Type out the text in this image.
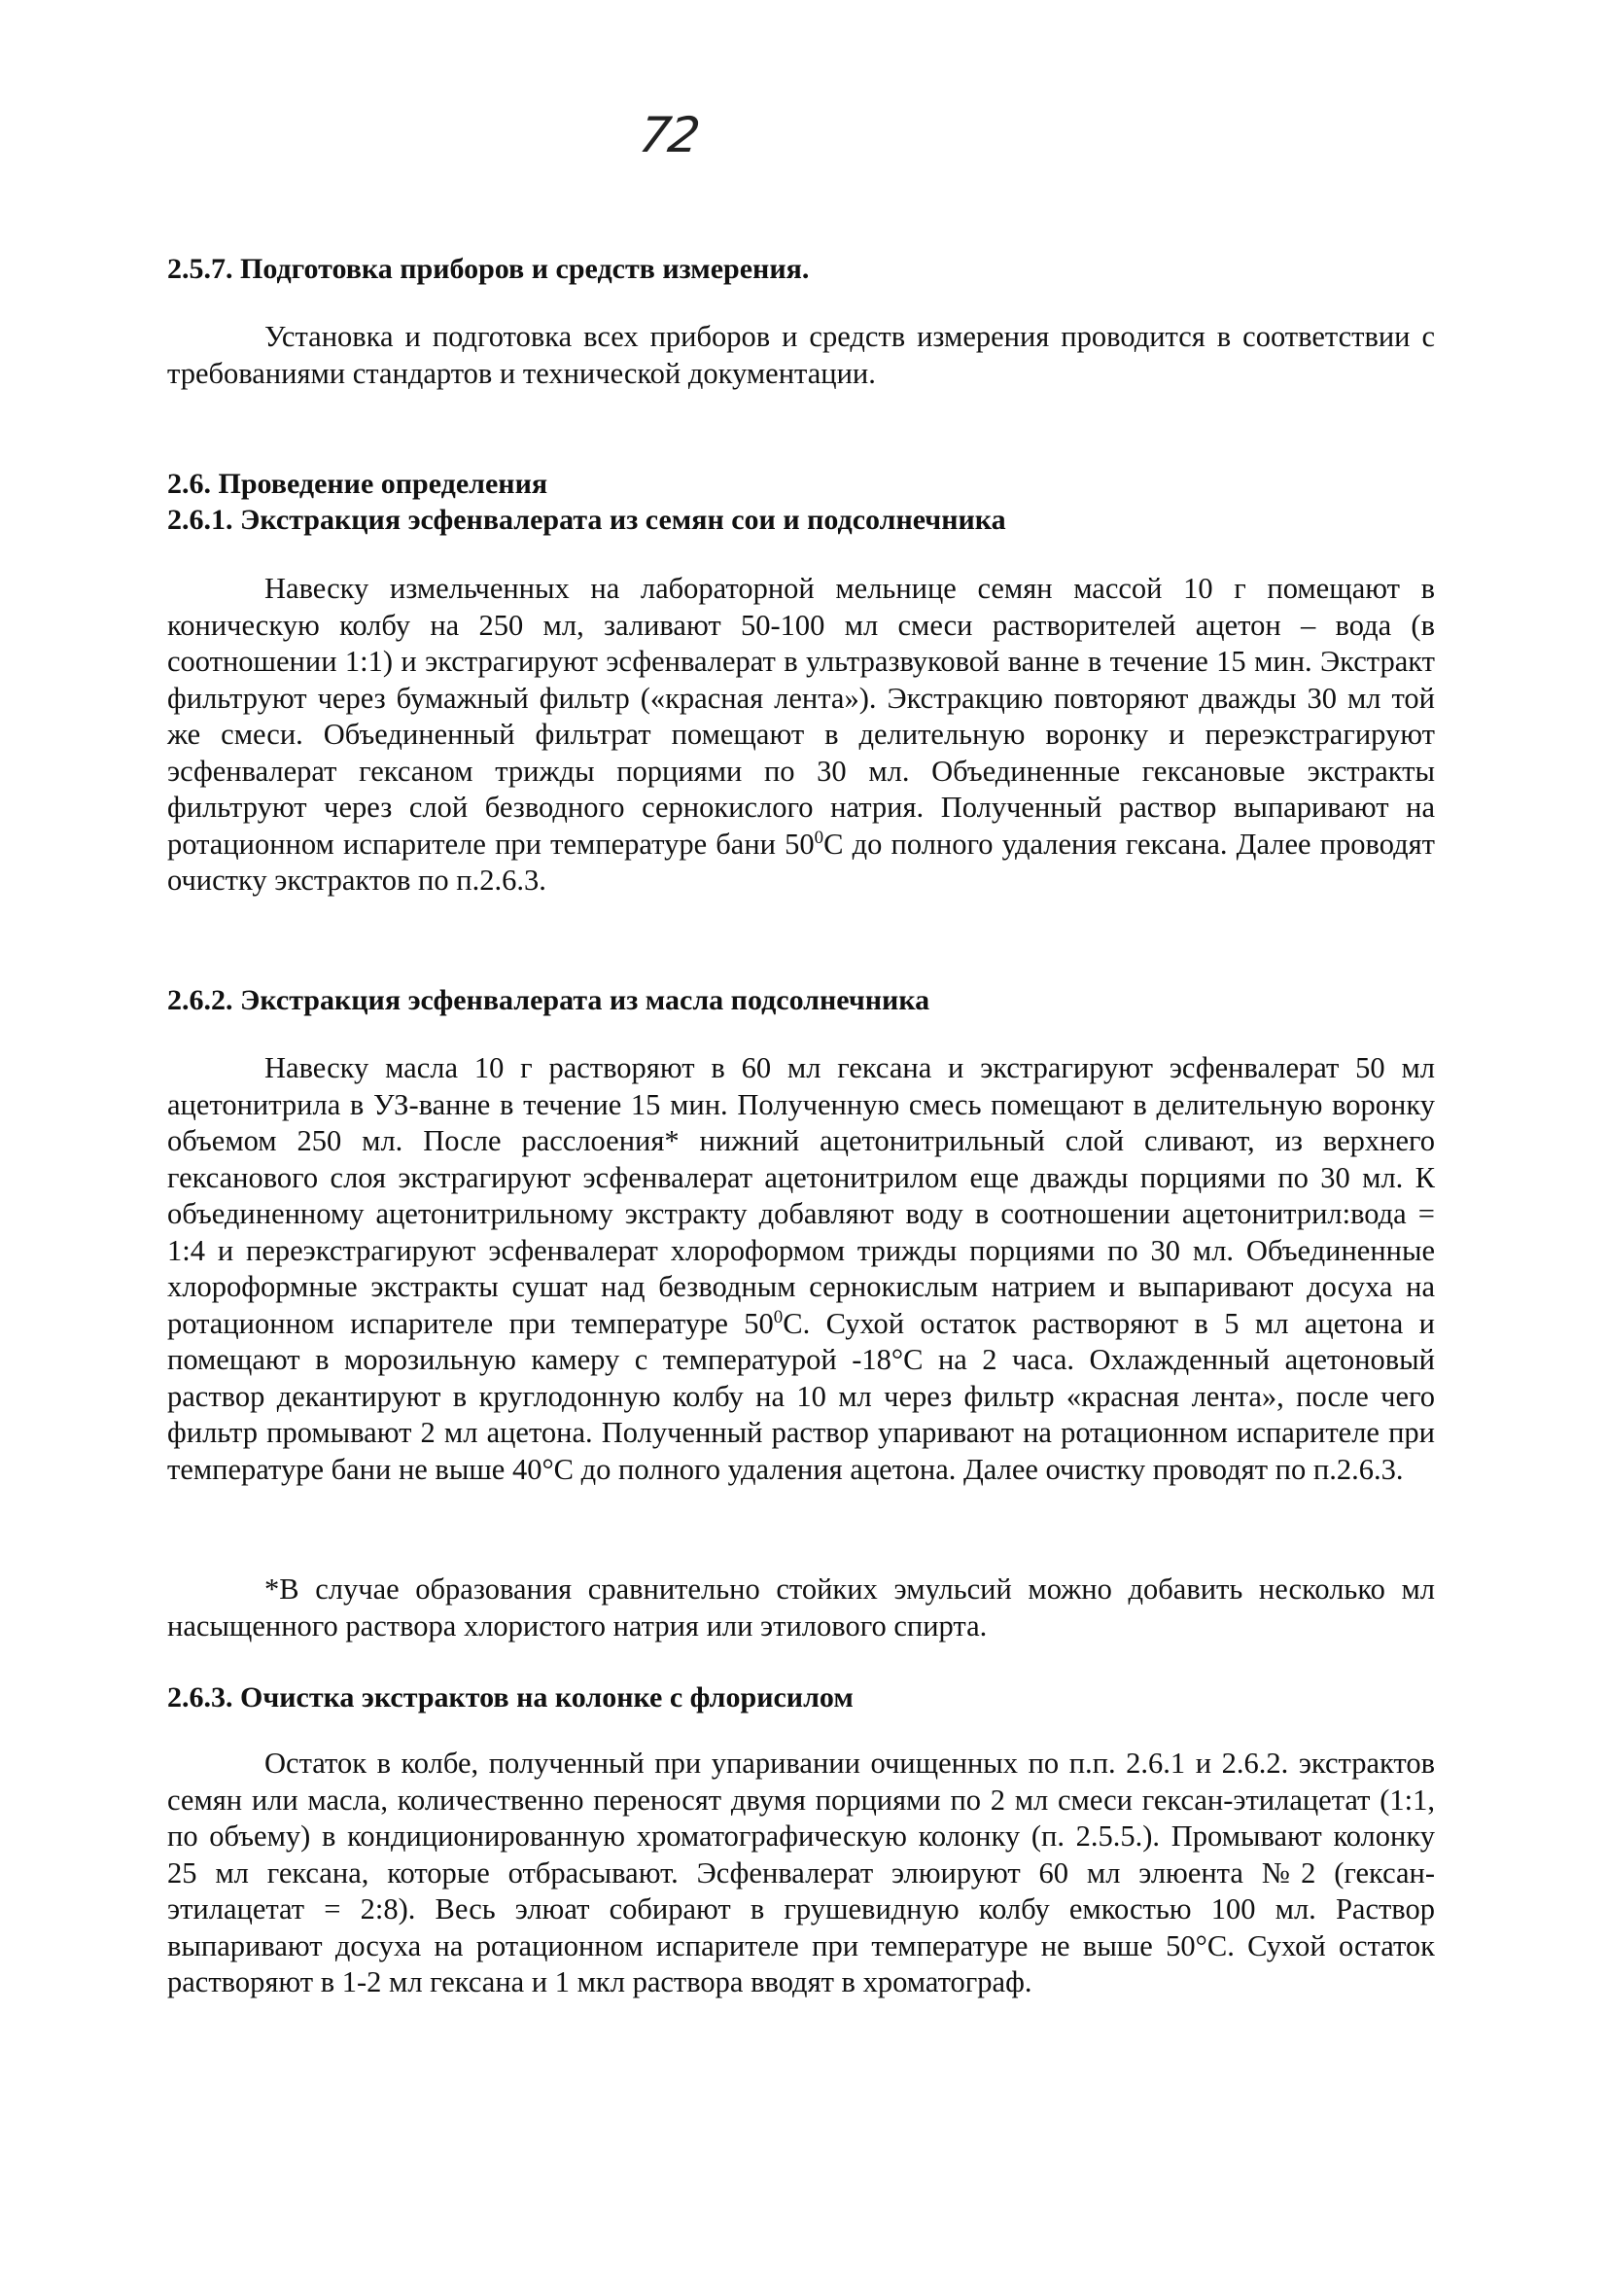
72
2.5.7. Подготовка приборов и средств измерения.

Установка и подготовка всех приборов и средств измерения проводится в соответствии с требованиями стандартов и технической документации.

2.6. Проведение определения
2.6.1. Экстракция эсфенвалерата из семян сои и подсолнечника

Навеску измельченных на лабораторной мельнице семян массой 10 г помещают в коническую колбу на 250 мл, заливают 50-100 мл смеси растворителей ацетон – вода (в соотношении 1:1) и экстрагируют эсфенвалерат в ультразвуковой ванне в течение 15 мин. Экстракт фильтруют через бумажный фильтр («красная лента»). Экстракцию повторяют дважды 30 мл той же смеси. Объединенный фильтрат помещают в делительную воронку и переэкстрагируют эсфенвалерат гексаном трижды порциями по 30 мл. Объединенные гексановые экстракты фильтруют через слой безводного сернокислого натрия. Полученный раствор выпаривают на ротационном испарителе при температуре бани $50^0С$ до полного удаления гексана. Далее проводят очистку экстрактов по п.2.6.3.

2.6.2. Экстракция эсфенвалерата из масла подсолнечника

Навеску масла 10 г растворяют в 60 мл гексана и экстрагируют эсфенвалерат 50 мл ацетонитрила в УЗ-ванне в течение 15 мин. Полученную смесь помещают в делительную воронку объемом 250 мл. После расслоения* нижний ацетонитрильный слой сливают, из верхнего гексанового слоя экстрагируют эсфенвалерат ацетонитрилом еще дважды порциями по 30 мл. К объединенному ацетонитрильному экстракту добавляют воду в соотношении ацетонитрил:вода = 1:4 и переэкстрагируют эсфенвалерат хлороформом трижды порциями по 30 мл. Объединенные хлороформные экстракты сушат над безводным сернокислым натрием и выпаривают досуха на ротационном испарителе при температуре $50^0С$. Сухой остаток растворяют в 5 мл ацетона и помещают в морозильную камеру с температурой -18°С на 2 часа. Охлажденный ацетоновый раствор декантируют в круглодонную колбу на 10 мл через фильтр «красная лента», после чего фильтр промывают 2 мл ацетона. Полученный раствор упаривают на ротационном испарителе при температуре бани не выше 40°С до полного удаления ацетона. Далее очистку проводят по п.2.6.3.

*В случае образования сравнительно стойких эмульсий можно добавить несколько мл насыщенного раствора хлористого натрия или этилового спирта.

2.6.3. Очистка экстрактов на колонке с флорисилом

Остаток в колбе, полученный при упаривании очищенных по п.п. 2.6.1 и 2.6.2. экстрактов семян или масла, количественно переносят двумя порциями по 2 мл смеси гексан-этилацетат (1:1, по объему) в кондиционированную хроматографическую колонку (п. 2.5.5.). Промывают колонку 25 мл гексана, которые отбрасывают. Эсфенвалерат элюируют 60 мл элюента №2 (гексан-этилацетат = 2:8). Весь элюат собирают в грушевидную колбу емкостью 100 мл. Раствор выпаривают досуха на ротационном испарителе при температуре не выше 50°С. Сухой остаток растворяют в 1-2 мл гексана и 1 мкл раствора вводят в хроматограф.
